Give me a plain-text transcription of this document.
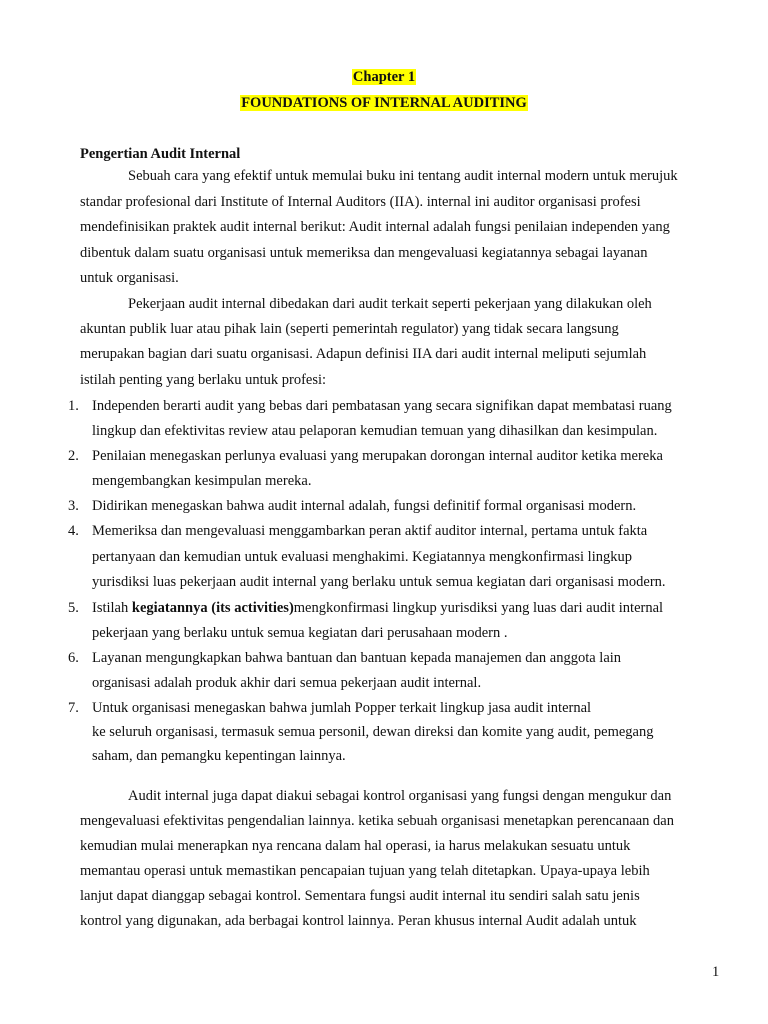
Chapter 1
FOUNDATIONS OF INTERNAL AUDITING
Pengertian Audit Internal
Sebuah cara yang efektif untuk memulai buku ini tentang audit internal modern untuk merujuk
standar profesional dari Institute of Internal Auditors (IIA). internal ini auditor organisasi profesi
mendefinisikan praktek audit internal berikut: Audit internal adalah fungsi penilaian independen yang
dibentuk dalam suatu organisasi untuk memeriksa dan mengevaluasi kegiatannya sebagai layanan
untuk organisasi.
Pekerjaan audit internal dibedakan dari audit terkait seperti pekerjaan yang dilakukan oleh
akuntan publik luar atau pihak lain (seperti pemerintah regulator) yang tidak secara langsung
merupakan bagian dari suatu organisasi. Adapun definisi IIA dari audit internal meliputi sejumlah
istilah penting yang berlaku untuk profesi:
1. Independen berarti audit yang bebas dari pembatasan yang secara signifikan dapat membatasi ruang
lingkup dan efektivitas review atau pelaporan kemudian temuan yang dihasilkan dan kesimpulan.
2. Penilaian menegaskan perlunya evaluasi yang merupakan dorongan internal auditor ketika mereka
mengembangkan kesimpulan mereka.
3. Didirikan menegaskan bahwa audit internal adalah, fungsi definitif formal organisasi modern.
4. Memeriksa dan mengevaluasi menggambarkan peran aktif auditor internal, pertama untuk fakta
pertanyaan dan kemudian untuk evaluasi menghakimi. Kegiatannya mengkonfirmasi lingkup
yurisdiksi luas pekerjaan audit internal yang berlaku untuk semua kegiatan dari organisasi modern.
5. Istilah kegiatannya (its activities)mengkonfirmasi lingkup yurisdiksi yang luas dari audit internal
pekerjaan yang berlaku untuk semua kegiatan dari perusahaan modern .
6. Layanan mengungkapkan bahwa bantuan dan bantuan kepada manajemen dan anggota lain
organisasi adalah produk akhir dari semua pekerjaan audit internal.
7. Untuk organisasi menegaskan bahwa jumlah Popper terkait lingkup jasa audit internal
ke seluruh organisasi, termasuk semua personil, dewan direksi dan komite yang audit, pemegang
saham, dan pemangku kepentingan lainnya.
Audit internal juga dapat diakui sebagai kontrol organisasi yang fungsi dengan mengukur dan
mengevaluasi efektivitas pengendalian lainnya. ketika sebuah organisasi menetapkan perencanaan dan
kemudian mulai menerapkan nya rencana dalam hal operasi, ia harus melakukan sesuatu untuk
memantau operasi untuk memastikan pencapaian tujuan yang telah ditetapkan. Upaya-upaya lebih
lanjut dapat dianggap sebagai kontrol. Sementara fungsi audit internal itu sendiri salah satu jenis
kontrol yang digunakan, ada berbagai kontrol lainnya. Peran khusus internal Audit adalah untuk
1
